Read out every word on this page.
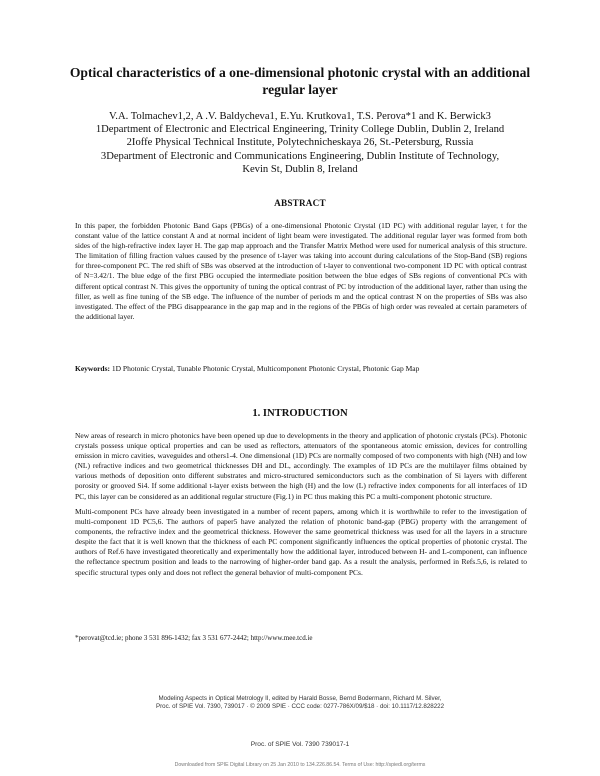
Optical characteristics of a one-dimensional photonic crystal with an additional regular layer
V.A. Tolmachev1,2, A .V. Baldycheva1, E.Yu. Krutkova1, T.S. Perova*1 and K. Berwick3
1Department of Electronic and Electrical Engineering, Trinity College Dublin, Dublin 2, Ireland
2Ioffe Physical Technical Institute, Polytechnicheskaya 26, St.-Petersburg, Russia
3Department of Electronic and Communications Engineering, Dublin Institute of Technology,
Kevin St, Dublin 8, Ireland
ABSTRACT

In this paper, the forbidden Photonic Band Gaps (PBGs) of a one-dimensional Photonic Crystal (1D PC) with additional regular layer, t for the constant value of the lattice constant A and at normal incident of light beam were investigated. The additional regular layer was formed from both sides of the high-refractive index layer H. The gap map approach and the Transfer Matrix Method were used for numerical analysis of this structure. The limitation of filling fraction values caused by the presence of t-layer was taking into account during calculations of the Stop-Band (SB) regions for three-component PC. The red shift of SBs was observed at the introduction of t-layer to conventional two-component 1D PC with optical contrast of N=3.42/1. The blue edge of the first PBG occupied the intermediate position between the blue edges of SBs regions of conventional PCs with different optical contrast N. This gives the opportunity of tuning the optical contrast of PC by introduction of the additional layer, rather than using the filler, as well as fine tuning of the SB edge. The influence of the number of periods m and the optical contrast N on the properties of SBs was also investigated. The effect of the PBG disappearance in the gap map and in the regions of the PBGs of high order was revealed at certain parameters of the additional layer.

Keywords: 1D Photonic Crystal, Tunable Photonic Crystal, Multicomponent Photonic Crystal, Photonic Gap Map

1. INTRODUCTION

New areas of research in micro photonics have been opened up due to developments in the theory and application of photonic crystals (PCs). Photonic crystals possess unique optical properties and can be used as reflectors, attenuators of the spontaneous atomic emission, devices for controlling emission in micro cavities, waveguides and others1-4. One dimensional (1D) PCs are normally composed of two components with high (NH) and low (NL) refractive indices and two geometrical thicknesses DH and DL, accordingly. The examples of 1D PCs are the multilayer films obtained by various methods of deposition onto different substrates and micro-structured semiconductors such as the combination of Si layers with different porosity or grooved Si4. If some additional t-layer exists between the high (H) and the low (L) refractive index components for all interfaces of 1D PC, this layer can be considered as an additional regular structure (Fig.1) in PC thus making this PC a multi-component photonic structure.

Multi-component PCs have already been investigated in a number of recent papers, among which it is worthwhile to refer to the investigation of multi-component 1D PC5,6. The authors of paper5 have analyzed the relation of photonic band-gap (PBG) property with the arrangement of components, the refractive index and the geometrical thickness. However the same geometrical thickness was used for all the layers in a structure despite the fact that it is well known that the thickness of each PC component significantly influences the optical properties of photonic crystal. The authors of Ref.6 have investigated theoretically and experimentally how the additional layer, introduced between H- and L-component, can influence the reflectance spectrum position and leads to the narrowing of higher-order band gap. As a result the analysis, performed in Refs.5,6, is related to specific structural types only and does not reflect the general behavior of multi-component PCs.

*perovat@tcd.ie; phone 3 531 896-1432; fax 3 531 677-2442; http://www.mee.tcd.ie

Modeling Aspects in Optical Metrology II, edited by Harald Bosse, Bernd Bodermann, Richard M. Silver,
Proc. of SPIE Vol. 7390, 739017 · © 2009 SPIE · CCC code: 0277-786X/09/$18 · doi: 10.1117/12.828222
Proc. of SPIE Vol. 7390 739017-1
Downloaded from SPIE Digital Library on 25 Jan 2010 to 134.226.86.54. Terms of Use: http://spiedl.org/terms
